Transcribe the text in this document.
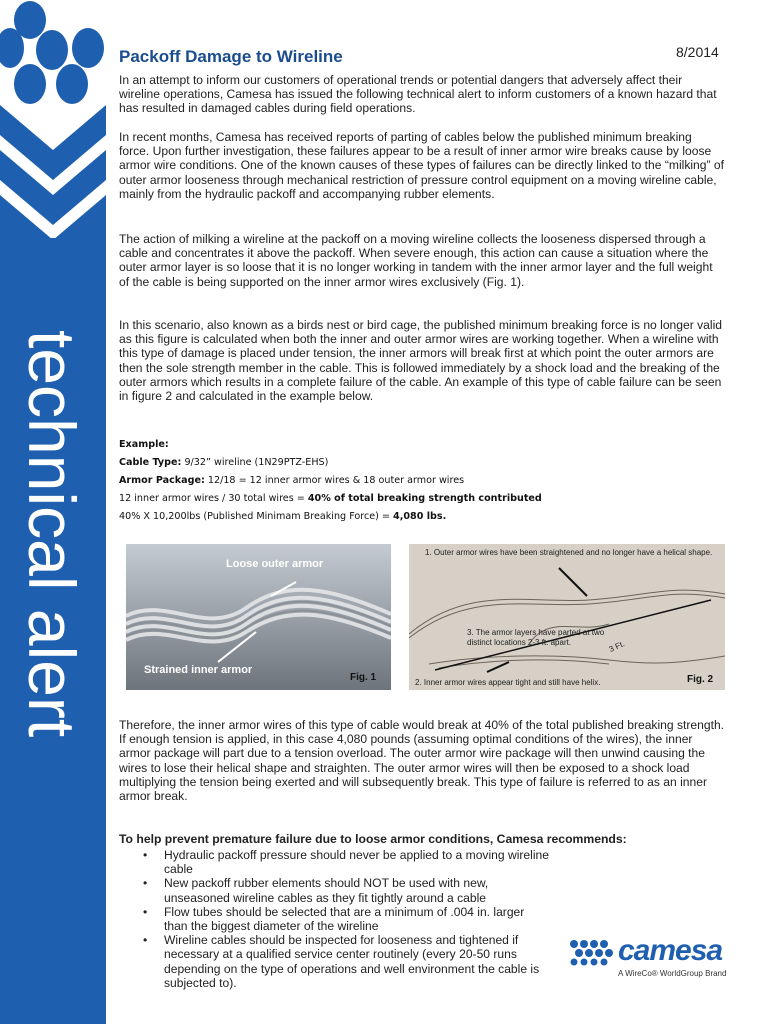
technical alert
Packoff Damage to Wireline	8/2014

In an attempt to inform our customers of operational trends or potential dangers that adversely affect their wireline operations, Camesa has issued the following technical alert to inform customers of a known hazard that has resulted in damaged cables during field operations.

In recent months, Camesa has received reports of parting of cables below the published minimum breaking force. Upon further investigation, these failures appear to be a result of inner armor wire breaks cause by loose armor wire conditions. One of the known causes of these types of failures can be directly linked to the “milking” of outer armor looseness through mechanical restriction of pressure control equipment on a moving wireline cable, mainly from the hydraulic packoff and accompanying rubber elements.

The action of milking a wireline at the packoff on a moving wireline collects the looseness dispersed through a cable and concentrates it above the packoff. When severe enough, this action can cause a situation where the outer armor layer is so loose that it is no longer working in tandem with the inner armor layer and the full weight of the cable is being supported on the inner armor wires exclusively (Fig. 1).

In this scenario, also known as a birds nest or bird cage, the published minimum breaking force is no longer valid as this figure is calculated when both the inner and outer armor wires are working together. When a wireline with this type of damage is placed under tension, the inner armors will break first at which point the outer armors are then the sole strength member in the cable. This is followed immediately by a shock load and the breaking of the outer armors which results in a complete failure of the cable. An example of this type of cable failure can be seen in figure 2 and calculated in the example below.

Example:
Cable Type: 9/32” wireline (1N29PTZ-EHS)
Armor Package: 12/18 = 12 inner armor wires & 18 outer armor wires
12 inner armor wires / 30 total wires = 40% of total breaking strength contributed
40% X 10,200lbs (Published Minimam Breaking Force) = 4,080 lbs.
Loose outer armor
Strained inner armor
Fig. 1
1. Outer armor wires have been straightened and no longer have a helical shape.
3. The armor layers have parted at two distinct locations 2-3 ft. apart.
2. Inner armor wires appear tight and still have helix.
3 Ft.
Fig. 2

Therefore, the inner armor wires of this type of cable would break at 40% of the total published breaking strength. If enough tension is applied, in this case 4,080 pounds (assuming optimal conditions of the wires), the inner armor package will part due to a tension overload. The outer armor wire package will then unwind causing the wires to lose their helical shape and straighten. The outer armor wires will then be exposed to a shock load multiplying the tension being exerted and will subsequently break. This type of failure is referred to as an inner armor break.

To help prevent premature failure due to loose armor conditions, Camesa recommends:

• Hydraulic packoff pressure should never be applied to a moving wireline cable
• New packoff rubber elements should NOT be used with new, unseasoned wireline cables as they fit tightly around a cable
• Flow tubes should be selected that are a minimum of .004 in. larger than the biggest diameter of the wireline
• Wireline cables should be inspected for looseness and tightened if necessary at a qualified service center routinely (every 20-50 runs depending on the type of operations and well environment the cable is subjected to).
camesa
A WireCo® WorldGroup Brand
